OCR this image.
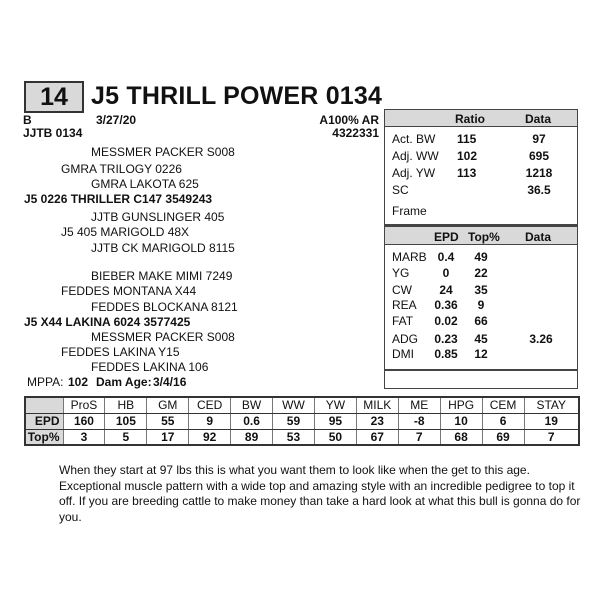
14 J5 THRILL POWER 0134
B	3/27/20	A100% AR
JJTB 0134	4322331
MESSMER PACKER S008
GMRA TRILOGY 0226
GMRA LAKOTA 625
J5 0226 THRILLER C147 3549243
JJTB GUNSLINGER 405
J5 405 MARIGOLD 48X
JJTB CK MARIGOLD 8115
BIEBER MAKE MIMI 7249
FEDDES MONTANA X44
FEDDES BLOCKANA 8121
J5 X44 LAKINA 6024 3577425
MESSMER PACKER S008
FEDDES LAKINA Y15
FEDDES LAKINA 106
MPPA: 102 Dam Age: 3/4/16
Ratio	Data
Act. BW 115	97
Adj. WW 102	695
Adj. YW 113	1218
SC	36.5
Frame
EPD Top% Data
MARB 0.4	49
YG	0	22
CW	24	35
REA 0.36	9
FAT 0.02	66
ADG 0.23	45	3.26
DMI 0.85	12
	ProS	HB	GM	CED	BW	WW	YW	MILK	ME	HPG	CEM	STAY
EPD	160	105	55	9	0.6	59	95	23	-8	10	6	19
Top%	3	5	17	92	89	53	50	67	7	68	69	7
When they start at 97 lbs this is what you want them to look like when the get to this age. Exceptional muscle pattern with a wide top and amazing style with an incredible pedigree to top it off. If you are breeding cattle to make money than take a hard look at what this bull is gonna do for you.
